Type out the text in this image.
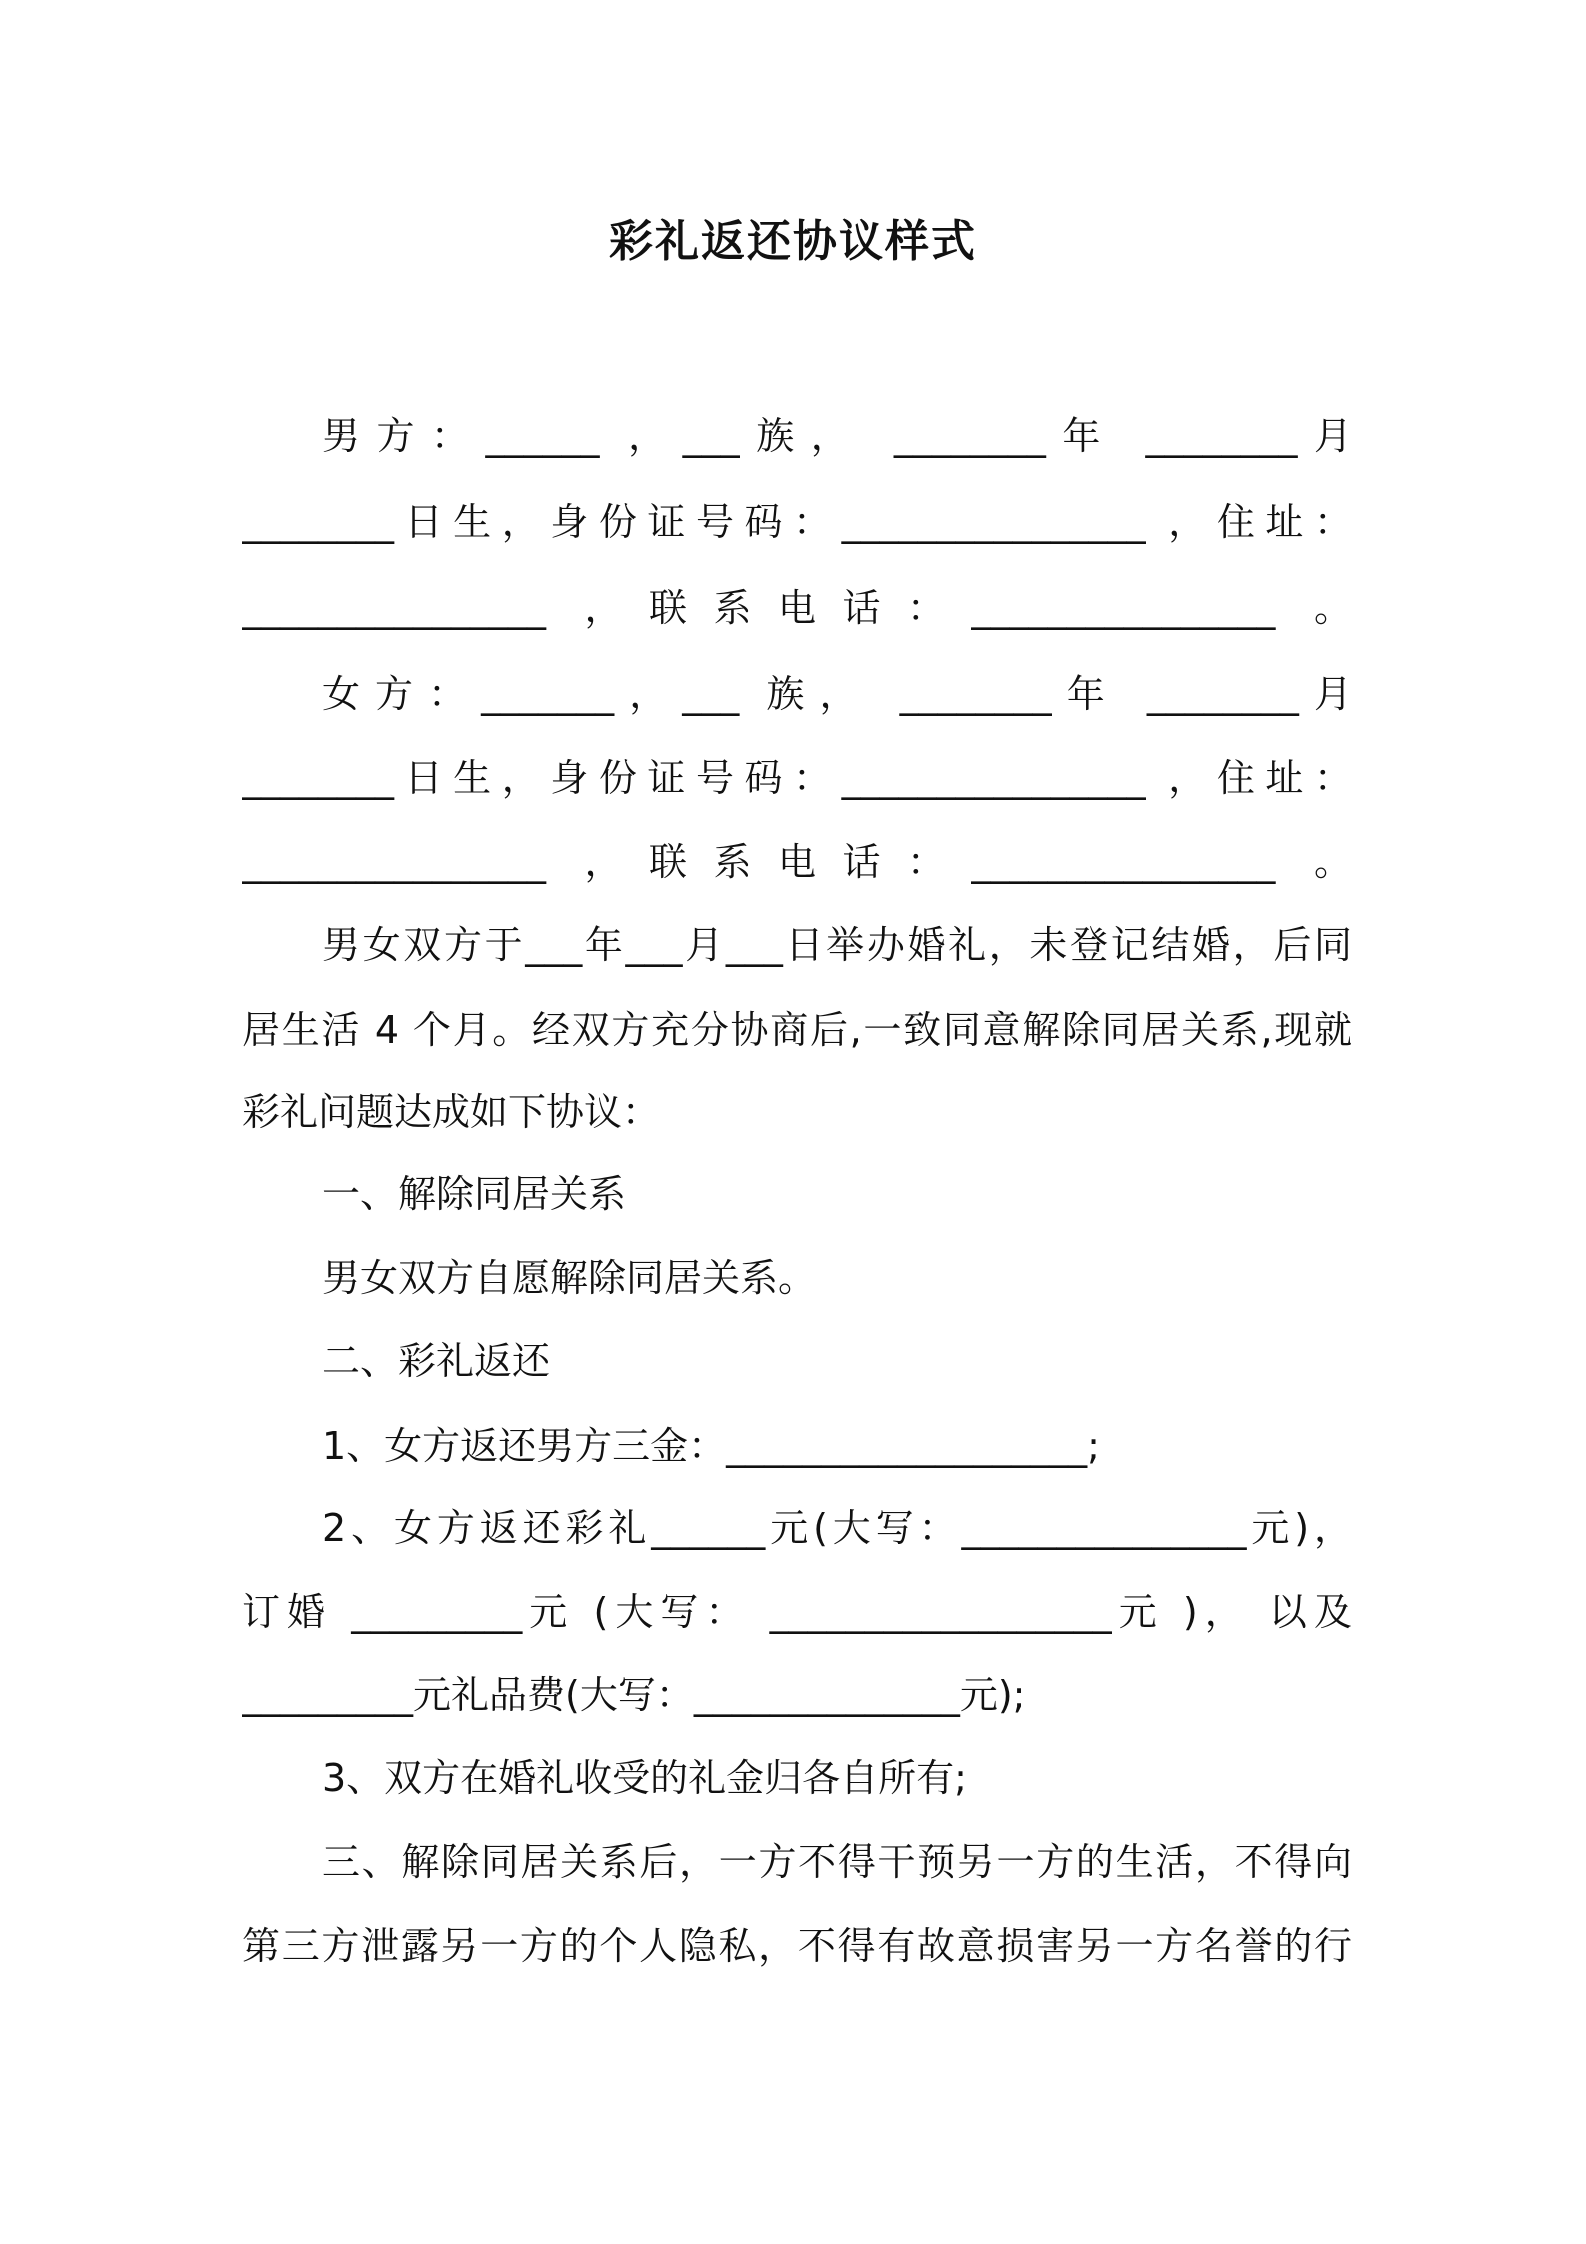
彩礼返还协议样式
男方：______ ，___族， ________年 ________月
________日生，身份证号码：________________ ，住址：
________________ ，联系电话：________________ 。
女方：_______，___ 族， ________年 ________月
________日生，身份证号码：________________ ，住址：
________________ ，联系电话：________________ 。
男女双方于___年___月___日举办婚礼，未登记结婚，后同
居生活 4 个月。经双方充分协商后,一致同意解除同居关系,现就
彩礼问题达成如下协议：
一、解除同居关系
男女双方自愿解除同居关系。
二、彩礼返还
1、女方返还男方三金：___________________;
2、女方返还彩礼______元(大写：_______________元)，
订婚 _________元 (大写： __________________元 )， 以及
_________元礼品费(大写：______________元);
3、双方在婚礼收受的礼金归各自所有;
三、解除同居关系后，一方不得干预另一方的生活，不得向
第三方泄露另一方的个人隐私，不得有故意损害另一方名誉的行
